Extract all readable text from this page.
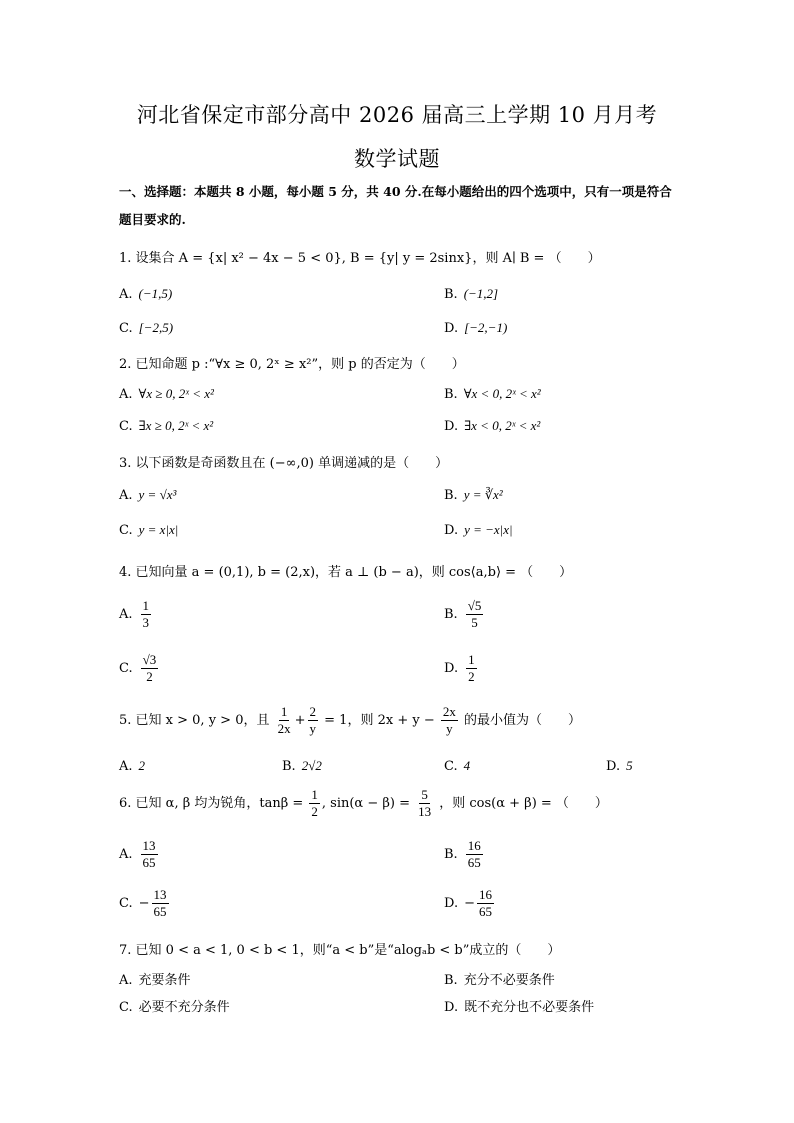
河北省保定市部分高中 2026 届高三上学期 10 月月考
数学试题
一、选择题：本题共 8 小题，每小题 5 分，共 40 分.在每小题给出的四个选项中，只有一项是符合题目要求的.
1. 设集合 A = {x| x² − 4x − 5 < 0}, B = {y| y = 2sinx}，则 A∣ B = （　　）
A. (−1,5)	B. (−1,2]
C. [−2,5)	D. [−2,−1)
2. 已知命题 p :“∀x ≥ 0, 2ˣ ≥ x²”，则 p 的否定为（　　）
A. ∀x ≥ 0, 2ˣ < x²	B. ∀x < 0, 2ˣ < x²
C. ∃x ≥ 0, 2ˣ < x²	D. ∃x < 0, 2ˣ < x²
3. 以下函数是奇函数且在 (−∞,0) 单调递减的是（　　）
A. y = √x³	B. y = ∛x²
C. y = x|x|	D. y = −x|x|
4. 已知向量 a = (0,1), b = (2,x)，若 a ⊥ (b − a)，则 cos⟨a,b⟩ = （　　）
A. $\frac{1}{3}$	B. $\frac{√5}{5}$
C. $\frac{√3}{2}$	D. $\frac{1}{2}$
5. 已知 x > 0, y > 0，且 $\frac{1}{2x} + \frac{2}{y} = 1$，则 $2x + y - \frac{2x}{y}$ 的最小值为（　　）
A. 2	B. 2√2	C. 4	D. 5
6. 已知 α, β 均为锐角，$\tan\beta = \frac{1}{2}$ , $\sin(\alpha - \beta) = \frac{5}{13}$ ，则 cos(α + β) = （　　）
A. $\frac{13}{65}$	B. $\frac{16}{65}$
C. − $\frac{13}{65}$	D. − $\frac{16}{65}$
7. 已知 0 < a < 1, 0 < b < 1，则“a < b”是“alogₐb < b”成立的（　　）
A. 充要条件	B. 充分不必要条件
C. 必要不充分条件	D. 既不充分也不必要条件
